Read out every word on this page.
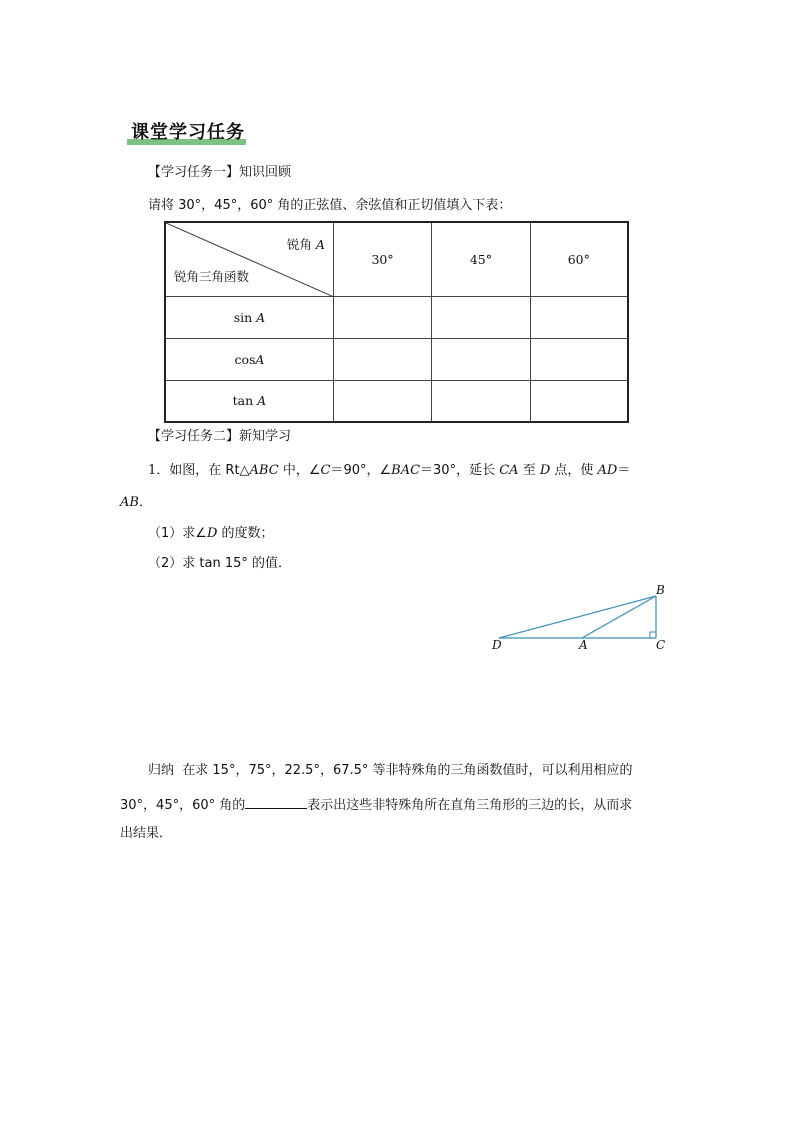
课堂学习任务
【学习任务一】知识回顾
请将 30°，45°，60° 角的正弦值、余弦值和正切值填入下表：
锐角 A
锐角三角函数	30°	45°	60°
sin A			
cosA			
tan A			
【学习任务二】新知学习
1．如图，在 Rt△ABC 中，∠C＝90°，∠BAC＝30°，延长 CA 至 D 点，使 AD＝
AB．
（1）求∠D 的度数；
（2）求 tan 15° 的值．
B
D	A	C
归纳 在求 15°，75°，22.5°，67.5° 等非特殊角的三角函数值时，可以利用相应的
30°，45°，60° 角的	表示出这些非特殊角所在直角三角形的三边的长，从而求
出结果．
